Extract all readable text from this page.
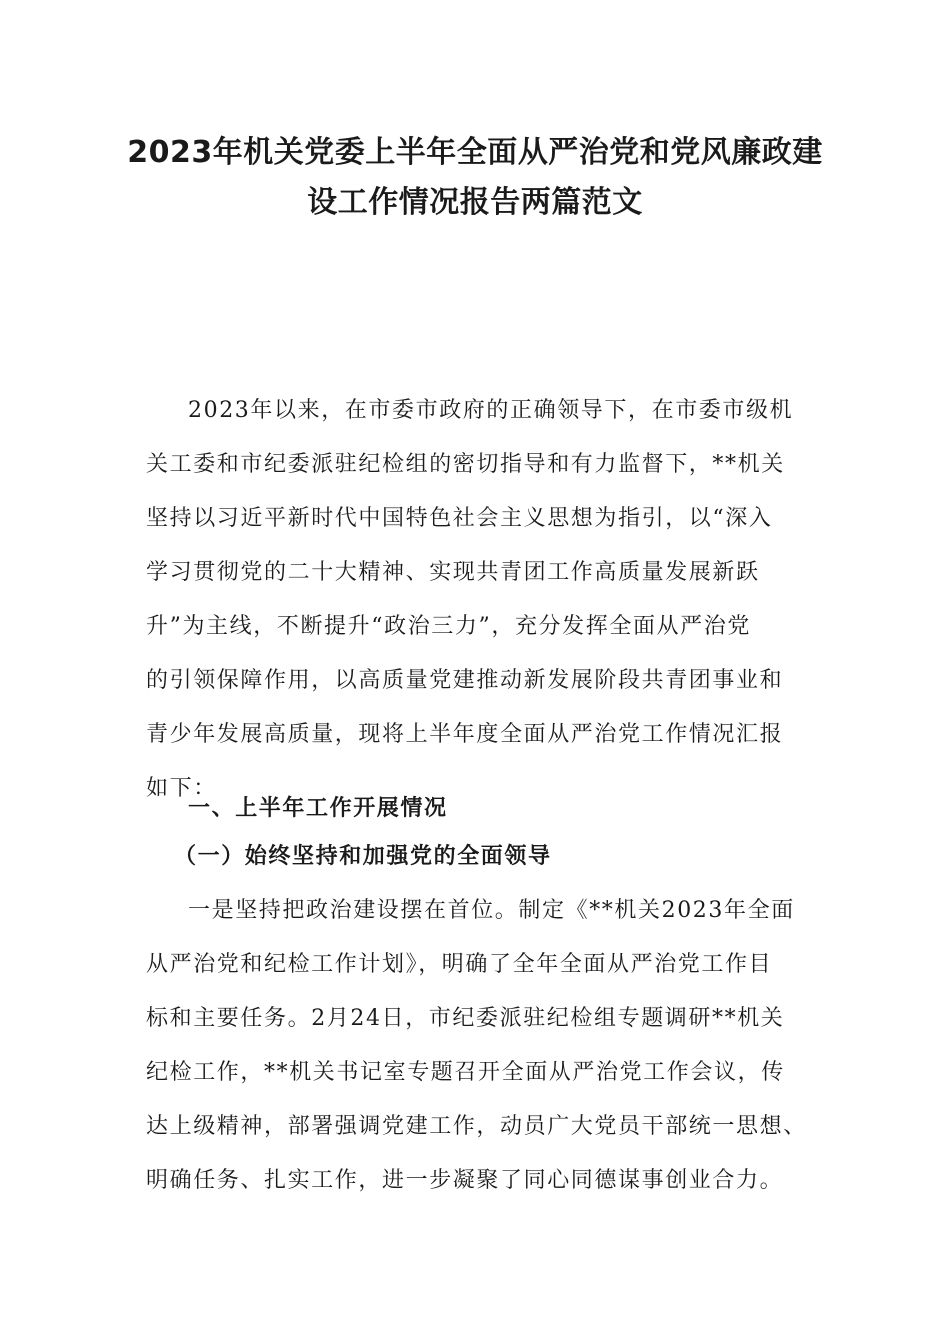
2023年机关党委上半年全面从严治党和党风廉政建
设工作情况报告两篇范文
2023年以来，在市委市政府的正确领导下，在市委市级机
关工委和市纪委派驻纪检组的密切指导和有力监督下，**机关
坚持以习近平新时代中国特色社会主义思想为指引，以“深入
学习贯彻党的二十大精神、实现共青团工作高质量发展新跃
升”为主线，不断提升“政治三力”，充分发挥全面从严治党
的引领保障作用，以高质量党建推动新发展阶段共青团事业和
青少年发展高质量，现将上半年度全面从严治党工作情况汇报
如下：
一、上半年工作开展情况
（一）始终坚持和加强党的全面领导
一是坚持把政治建设摆在首位。制定《**机关2023年全面
从严治党和纪检工作计划》，明确了全年全面从严治党工作目
标和主要任务。2月24日，市纪委派驻纪检组专题调研**机关
纪检工作，**机关书记室专题召开全面从严治党工作会议，传
达上级精神，部署强调党建工作，动员广大党员干部统一思想、
明确任务、扎实工作，进一步凝聚了同心同德谋事创业合力。
